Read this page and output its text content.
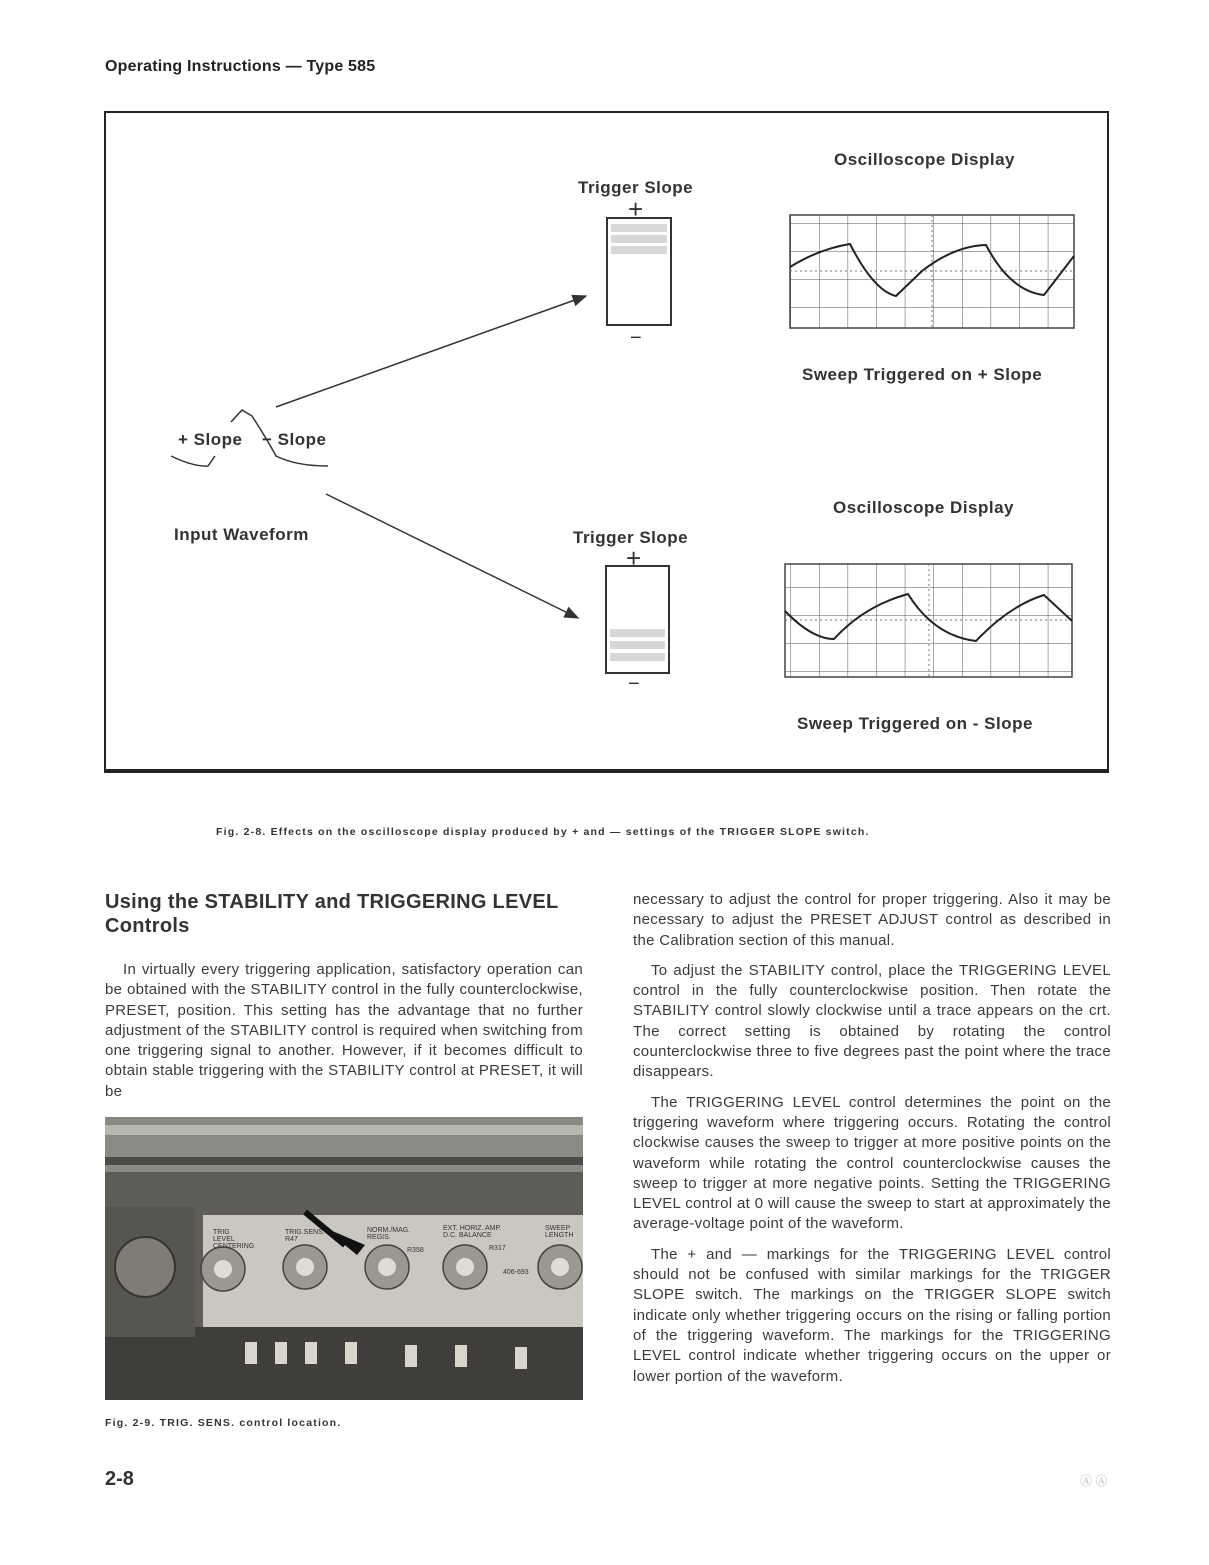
Operating Instructions — Type 585
Trigger Slope
+
−
Trigger Slope
+
−
Oscilloscope Display
Sweep Triggered on + Slope
Oscilloscope Display
Sweep Triggered on - Slope
+ Slope − Slope
Input Waveform
Fig. 2-8. Effects on the oscilloscope display produced by + and — settings of the TRIGGER SLOPE switch.
Using the STABILITY and TRIGGERING LEVEL Controls

In virtually every triggering application, satisfactory operation can be obtained with the STABILITY control in the fully counterclockwise, PRESET, position. This setting has the advantage that no further adjustment of the STABILITY control is required when switching from one triggering signal to another. However, if it becomes difficult to obtain stable triggering with the STABILITY control at PRESET, it will be

necessary to adjust the control for proper triggering. Also it may be necessary to adjust the PRESET ADJUST control as described in the Calibration section of this manual.

To adjust the STABILITY control, place the TRIGGERING LEVEL control in the fully counterclockwise position. Then rotate the STABILITY control slowly clockwise until a trace appears on the crt. The correct setting is obtained by rotating the control counterclockwise three to five degrees past the point where the trace disappears.

The TRIGGERING LEVEL control determines the point on the triggering waveform where triggering occurs. Rotating the control clockwise causes the sweep to trigger at more positive points on the waveform while rotating the control counterclockwise causes the sweep to trigger at more negative points. Setting the TRIGGERING LEVEL control at 0 will cause the sweep to start at approximately the average-voltage point of the waveform.

The + and — markings for the TRIGGERING LEVEL control should not be confused with similar markings for the TRIGGER SLOPE switch. The markings on the TRIGGER SLOPE switch indicate only whether triggering occurs on the rising or falling portion of the triggering waveform. The markings for the TRIGGERING LEVEL control indicate whether triggering occurs on the upper or lower portion of the waveform.

TRIG LEVEL CENTERING
TRIG.SENS. R47
NORM./MAG. REGIS.
R358
EXT. HORIZ. AMP. D.C. BALANCE
R317
SWEEP LENGTH
406-693
Fig. 2-9. TRIG. SENS. control location.
2-8	Ⓐ Ⓐ
